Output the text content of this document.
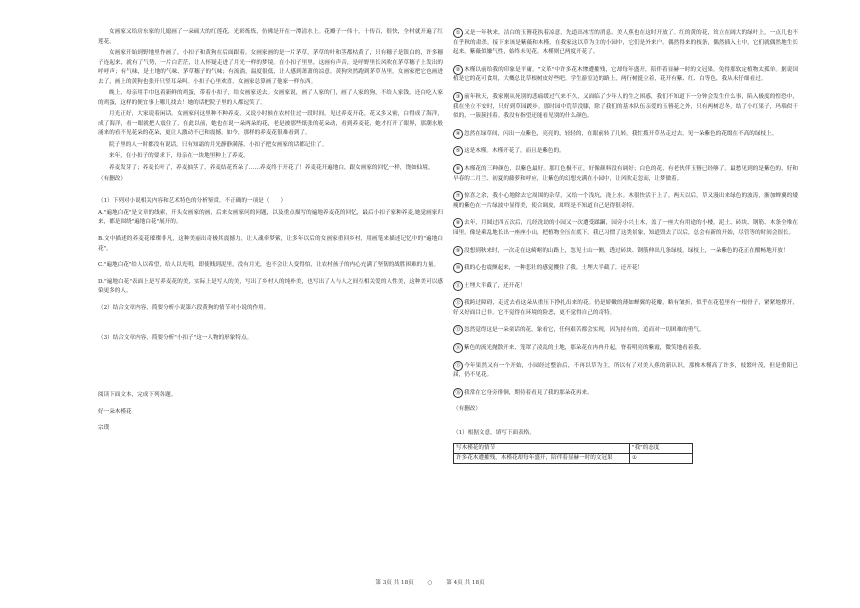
女画家又给房东家的儿媳画了一朵硕大的红莲花，光彩炼炼，仿佛是开在一潭清水上。花瓣子一伟十，十传百，很快，全村就开遍了红莲花。

女画家开始到野地里作画了，小扣子和黄狗在后面跟着。女画家画的是一片茅草，茅草的叶和茎都枯黄了，只有穗子是银白的，许多穗子连起来，就有了气势，一片白茫茫，让人怀疑走进了月光一样的梦境。在小扣子里里，这画有声音，是呼野里长风吹在茅草穗子上发出的呼呼声；有气味，是土地的气味、茅草穗子的气味；有流淌，温度很低，让人感到萧萧的凉意。黄狗突然跑到茅草丛里，女画家把它也画进去了，画上的黄狗也张开只竖耳朵叫。小扣子心里欢喜，女画家总算画了他家一样东西。

晚上，母亲用手巾包着新鲜的鸡蛋，带着小扣子，给女画家送去。女画家说，画了人家的门，画了人家的狗，不给人家钱，还白吃人家的鸡蛋，这样的便宜事上哪儿找去！她的话把院子里的人都逗笑了。

月光正好，大家说着闲话。女画家问这里种不种养麦，又说小时候在农村住过一段时间，见过养麦开花。花又多又密，白得成了海洋，成了海洋，看一眼就把人震住了，在此以前，她也在说一朵两朵的花，老是被那些纸张的花朵动，看到养麦花，她才打开了眼界，那潮水般涌来的看不见花朵的花朵，更让人激动不已和震撼。如今，那样的养麦花很难看到了。

院子里的人一时都没有说话，只有知霜的月光静静满落。小扣子把女画家的话都记住了。

来年，在小扣子的要求下，母亲在一块地里种上了养麦。

养麦发芽了；养麦长叶了，养麦抽茎了，养麦结花苔朵了……养麦终于开花了！养麦花开遍地白，跟女画家的回忆一样，饶如仙境。

（有删改）

（1）下列对小说相关内容和艺术特色的分析鉴赏，不正确的一项是（　　）

A."遍地白花"是文章的线索，开头女画家的画，后来女画家问的问题，以及重点描写的遍地养麦花的回忆，最后小扣子家种养麦,她觉画家归来，都是围绕"遍地白花"展开的。

B.文中描述的养麦花璀璨非凡，这种美丽出奇极其震撼力，让人魂牵梦萦，让多年以后的女画家重回乡村，用画笔来描述记忆中的"遍地白花"。

C."遍地白花"给人以希望，给人以光明，即使贱到泥里，没有月光，也不会让人变得怕，让农村孩子的内心充满了坚韧的战胜困难的力量。

D."遍地白花"表面上是写养麦花的美，实际上是写人的美，写出了乡村人的纯朴美，也写出了人与人之间互相关爱的人性美，这种美可以感染更多的人。

（2）结合文章内容，简要分析小说第六段黄狗的情节对小说的作用。

（3）结合文章内容，简要分析"小扣子"这一人物的形象特点。

阅读下面文本，完成下列各题。

好一朵木槿花

宗璞

① 又是一年秋来，洁白的玉簪花执着凉意，先道出冰雪的消息。美人蕉也在这时开放了。红的黄的花，耸立在阔大的绿叶上，一点儿也不在乎秋的肃杀。接下来该是紫薇和木槿。在我家这以草为主的小园中，它们是外来户。偶然得来的枝条，偶然插入土中，它们就偶然地生长起来。紫薇似嫌气性，始终未见花。木槿则已两度开花了。

② 木槿以前给我的印象是平庸。"文革"中许多花木惨遭摧残，它却每年盛开，陪伴着显赫一时的文冠果。免得那软定植物太孤单。据说国植是它的花可食用，大概总比草根树皮好些吧。学生游室边的路上，两行树挺立着，花开有紫、红、白等色，我从未仔细看过。

③ 前年秋天，我家刚从死别的悲痛缓过气来不久，又面临了少年人的生之困惑，我们不知道下一分钟会发生什么事，陷入极度的惶恐中，我在坐立不安时，只好到草园踱步。那时园中荒草没膝，除了我们的基本队伍亲爱的玉簪花之外，只有两树忍冬，结了小红果子，玛瑙似干似的，一簇簇挂着。我没有指望还能看见别的什么颜色。

④ 忽然在绿草间，闪出一点紫色，亮亮的，轻轻的，在眼前转了几转。我忙拨开草丛走过去，见一朵紫色的花缀在不高的绿枝上。

⑤ 这是木槿。木槿开花了，而且是紫色的。

⑥ 木槿花的三种颜色，以紫色最好。那红色极不正，好像颜料没有调好；白色的花，有老伙伴玉簪已经够了。最愁见到的是紫色的，好和早春的二月兰、初夏的藤萝和呼应，让紫色的幻想充满在小园中，让风吹走忽而，让梦做着。

⑦ 惊喜之余，我小心地除去它周围的杂草，又给一个浅坑，浇上水。木很快活于上了。两天以后，草又漫出来绿色的波涛，渐加蝉翼的矮瘦的紫色在一片绿波中显得美，使合调皮，却终是不知道自己是得很奇特。

⑧ 去年，月圆过四五次后，几经洗劫的小园又一次遭受蹂躏，园旁小兴土木，盖了一座大有用途的小楼。泥土、砖块、钢筋、木条全堆在园里，像是乘乱地长出一座座小山，把植物全压在底下。我已习惯了这类景象，知道毁去了以后，总会有新的开始，尽管等的时间会很长。

⑨ 没想到秋来时，一次走在这崎岖的山路上，忽见土山一侧，透过砖块、钢筋伸出几条绿枝，绿枝上，一朵紫色的花正在酣畅地开放！

⑩ 我的心也震颤起来，一种悲壮的感觉攫住了我。土埋大半截了，还开花！

⑪ 土埋大半截了，还开花！

⑫ 我跨过障碍，走近去看这朵从重压下挣扎出来的花。仍是娇嫩的薄如蝉翼的花瓣，略有皱折，似乎在花苞里有一根骨子，紧紧地撑开，好又好面目已非，它不觉得在环境的险恶，更不觉得自己的奇特。

⑬ 忽然觉得这是一朵童话的花，象看它，任何艰苦都会实现，因为持有的，追而对一切困难的勇气。

⑭ 紫色的流光抛散开来，笼罩了凌乱的土地，那朵花在冉冉升起，脊着明亮的紫霞，微笑地看着我。

⑮ 今年果然又有一个开始，小园经过整治后，不再以草为主，所以有了对美人蕉的新认识，那株木槿高了许多，枝繁叶茂，但是重阳已届，仍不见花。

⑯ 我常在它身旁徘徊，期待着看見了我的那朵花再来。

（有删改）

（1）根据文意，填写下面表格。

写木槿花的情节	"我"的态度
许多花木遭摧残，木槿花却每年盛开，陪伴着显赫一时的文冠果	①
第 3页 共 18页 ○ 第 4页 共 18页
